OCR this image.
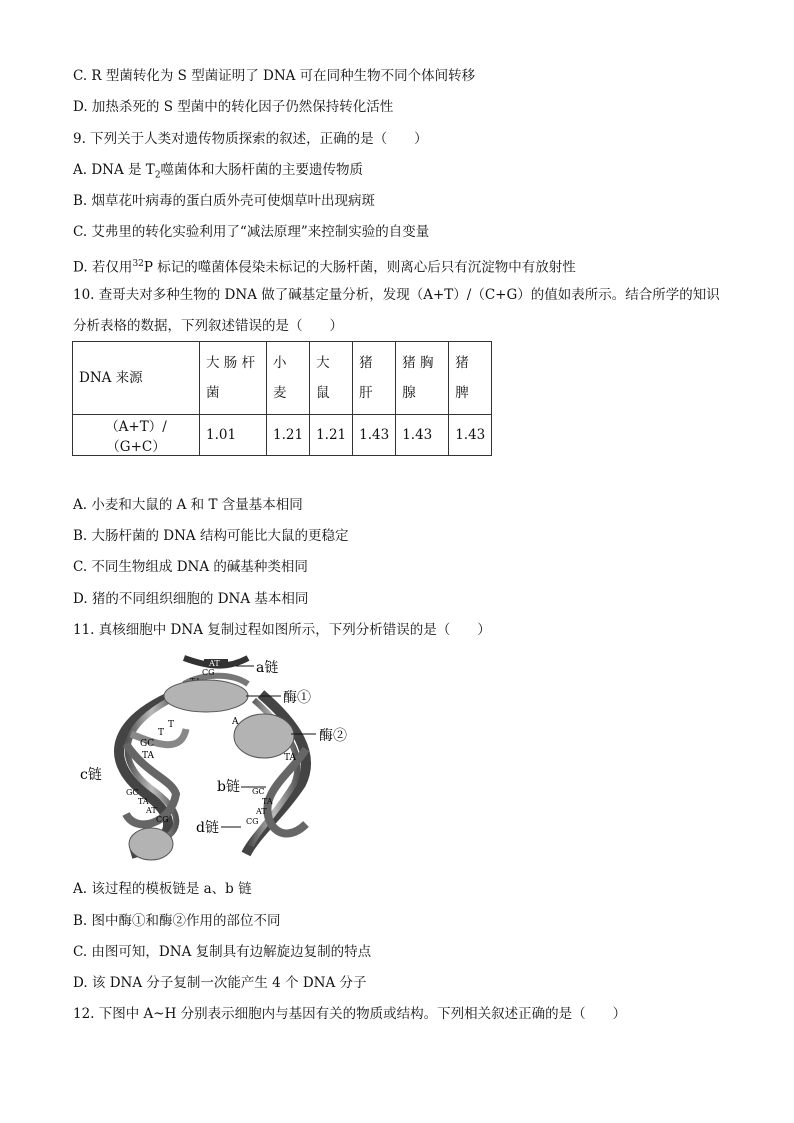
C. R 型菌转化为 S 型菌证明了 DNA 可在同种生物不同个体间转移
D. 加热杀死的 S 型菌中的转化因子仍然保持转化活性
9. 下列关于人类对遗传物质探索的叙述，正确的是（　　）
A. DNA 是 $T_2$噬菌体和大肠杆菌的主要遗传物质
B. 烟草花叶病毒的蛋白质外壳可使烟草叶出现病斑
C. 艾弗里的转化实验利用了“减法原理”来控制实验的自变量
D. 若仅用$^{32}$P 标记的噬菌体侵染未标记的大肠杆菌，则离心后只有沉淀物中有放射性
10. 查哥夫对多种生物的 DNA 做了碱基定量分析，发现（A+T）/（C+G）的值如表所示。结合所学的知识
分析表格的数据，下列叙述错误的是（　　）
DNA 来源	大 肠 杆 菌	小 麦	大 鼠	猪 肝	猪 胸 腺	猪 脾
（A+T）/（G+C）	1.01	1.21	1.21	1.43	1.43	1.43
A. 小麦和大鼠的 A 和 T 含量基本相同
B. 大肠杆菌的 DNA 结构可能比大鼠的更稳定
C. 不同生物组成 DNA 的碱基种类相同
D. 猪的不同组织细胞的 DNA 基本相同
11. 真核细胞中 DNA 复制过程如图所示，下列分析错误的是（　　）
AT
CG
T
T
GC
TA
GC
TA
AT
CG
A
TA
GC
TA
AT
CG
a链
酶①
酶②
c链
b链
d链
A. 该过程的模板链是 a、b 链
B. 图中酶①和酶②作用的部位不同
C. 由图可知，DNA 复制具有边解旋边复制的特点
D. 该 DNA 分子复制一次能产生 4 个 DNA 分子
12. 下图中 A~H 分别表示细胞内与基因有关的物质或结构。下列相关叙述正确的是（　　）
